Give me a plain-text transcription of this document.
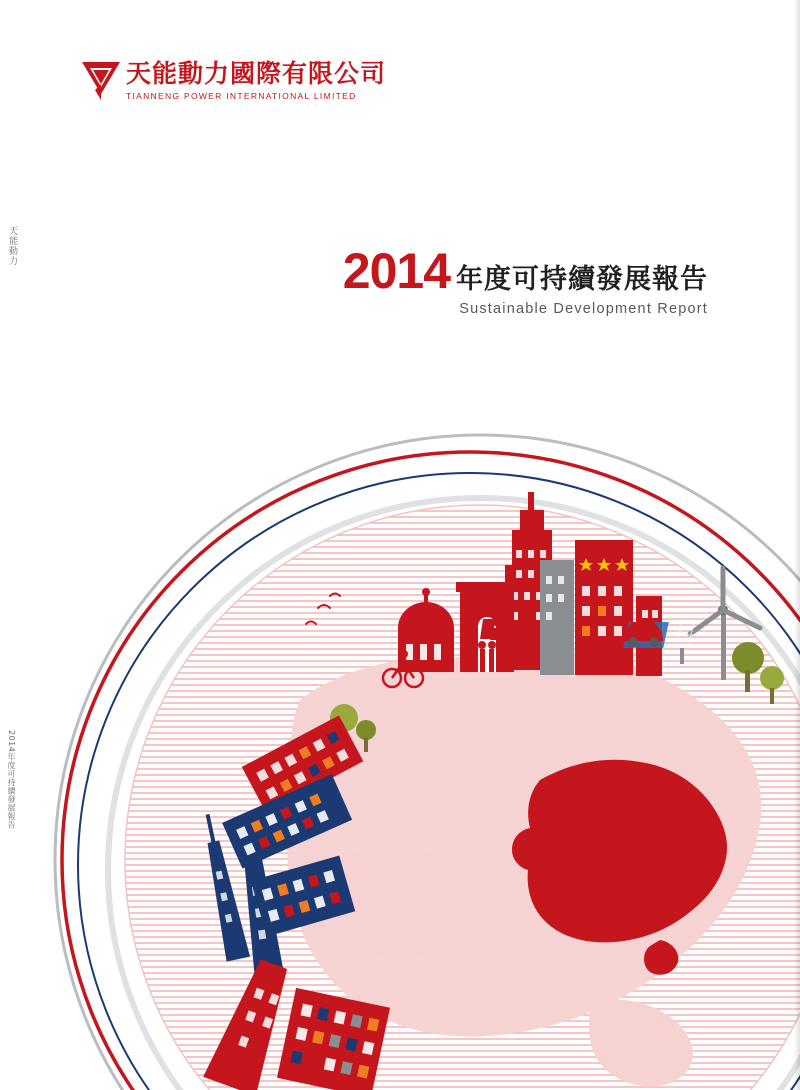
天能動力國際有限公司
TIANNENG POWER INTERNATIONAL LIMITED
2014 年度可持續發展報告
Sustainable Development Report
天能動力
2014年度可持續發展報告
